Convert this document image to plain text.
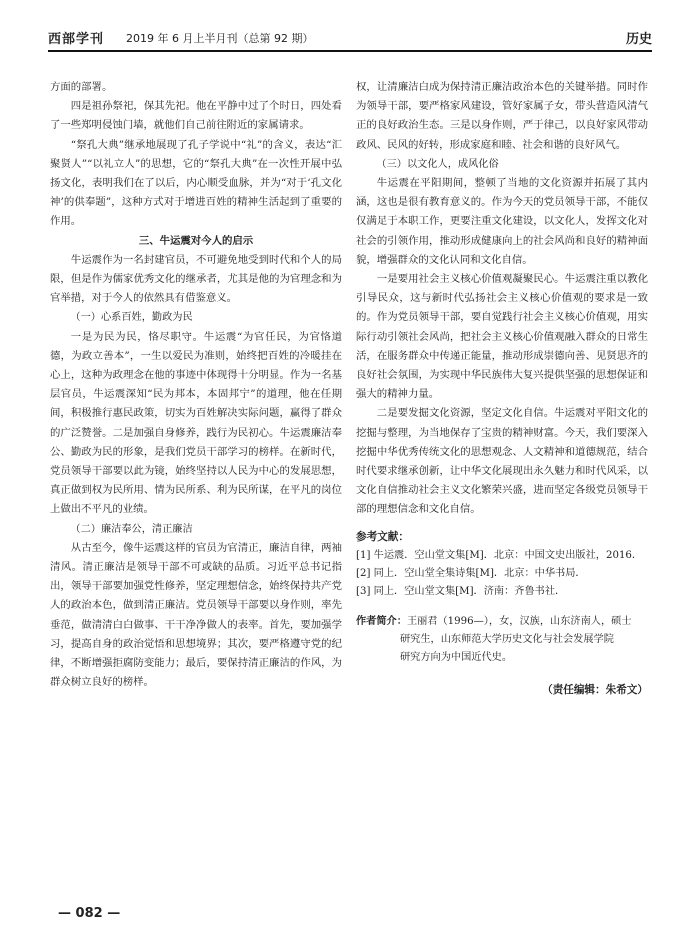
西部学刊 2019 年 6 月上半月刊（总第 92 期）	历史

方面的部署。

四是祖孙祭祀，保其先祀。他在平静中过了个时日，四处看了一些郑明侵蚀门墙，就他们自己前往附近的家属请求。

“祭孔大典”继承地展现了孔子学说中“礼”的含义，表达“汇聚贤人”“以礼立人”的思想，它的“祭孔大典”在一次性开展中弘扬文化，表明我们在了以后，内心顺受血脉，并为“对于‘孔文化神’的供奉题”，这种方式对于增进百姓的精神生活起到了重要的作用。

三、牛运震对今人的启示

牛运震作为一名封建官员，不可避免地受到时代和个人的局限，但是作为儒家优秀文化的继承者，尤其是他的为官理念和为官举措，对于今人的依然具有借鉴意义。

（一）心系百姓，勤政为民

一是为民为民，恪尽职守。牛运震“为官任民，为官恪道德，为政立善本”，一生以爱民为准则，始终把百姓的冷暖挂在心上，这种为政理念在他的事迹中体现得十分明显。作为一名基层官员，牛运震深知“民为邦本，本固邦宁”的道理，他在任期间，积极推行惠民政策，切实为百姓解决实际问题，赢得了群众的广泛赞誉。二是加强自身修养，践行为民初心。牛运震廉洁奉公、勤政为民的形象，是我们党员干部学习的榜样。在新时代，党员领导干部要以此为镜，始终坚持以人民为中心的发展思想，真正做到权为民所用、情为民所系、利为民所谋，在平凡的岗位上做出不平凡的业绩。

（二）廉洁奉公，清正廉洁

从古至今，像牛运震这样的官员为官清正，廉洁自律，两袖清风。清正廉洁是领导干部不可或缺的品质。习近平总书记指出，领导干部要加强党性修养，坚定理想信念，始终保持共产党人的政治本色，做到清正廉洁。党员领导干部要以身作则，率先垂范，做清清白白做事、干干净净做人的表率。首先，要加强学习，提高自身的政治觉悟和思想境界；其次，要严格遵守党的纪律，不断增强拒腐防变能力；最后，要保持清正廉洁的作风，为群众树立良好的榜样。

权，让清廉洁白成为保持清正廉洁政治本色的关键举措。同时作为领导干部，要严格家风建设，管好家属子女，带头营造风清气正的良好政治生态。三是以身作则，严于律己，以良好家风带动政风、民风的好转，形成家庭和睦、社会和谐的良好风气。

（三）以文化人，成风化俗

牛运震在平阳期间，整顿了当地的文化资源并拓展了其内涵，这也是很有教育意义的。作为今天的党员领导干部，不能仅仅满足于本职工作，更要注重文化建设，以文化人，发挥文化对社会的引领作用，推动形成健康向上的社会风尚和良好的精神面貌，增强群众的文化认同和文化自信。

一是要用社会主义核心价值观凝聚民心。牛运震注重以教化引导民众，这与新时代弘扬社会主义核心价值观的要求是一致的。作为党员领导干部，要自觉践行社会主义核心价值观，用实际行动引领社会风尚，把社会主义核心价值观融入群众的日常生活，在服务群众中传递正能量，推动形成崇德向善、见贤思齐的良好社会氛围，为实现中华民族伟大复兴提供坚强的思想保证和强大的精神力量。

二是要发掘文化资源，坚定文化自信。牛运震对平阳文化的挖掘与整理，为当地保存了宝贵的精神财富。今天，我们要深入挖掘中华优秀传统文化的思想观念、人文精神和道德规范，结合时代要求继承创新，让中华文化展现出永久魅力和时代风采，以文化自信推动社会主义文化繁荣兴盛，进而坚定各级党员领导干部的理想信念和文化自信。

参考文献：

[1] 牛运震．空山堂文集[M]．北京：中国文史出版社，2016．

[2] 同上．空山堂全集诗集[M]．北京：中华书局．

[3] 同上．空山堂文集[M]．济南：齐鲁书社．

作者简介：王丽君（1996—），女，汉族，山东济南人，硕士
研究生，山东师范大学历史文化与社会发展学院
研究方向为中国近代史。
（责任编辑：朱希文）
— 082 —
